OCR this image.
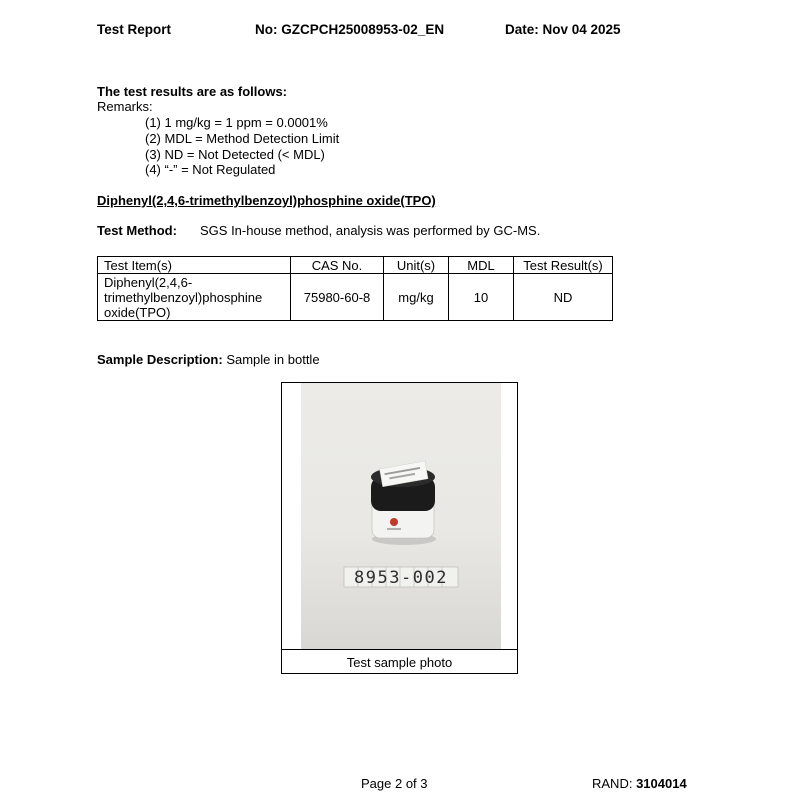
Test Report	No: GZCPCH25008953-02_EN	Date: Nov 04 2025
The test results are as follows:
Remarks:
(1) 1 mg/kg = 1 ppm = 0.0001%
(2) MDL = Method Detection Limit
(3) ND = Not Detected (< MDL)
(4) “-” = Not Regulated
Diphenyl(2,4,6-trimethylbenzoyl)phosphine oxide(TPO)
Test Method: SGS In-house method, analysis was performed by GC-MS.
Test Item(s)	CAS No.	Unit(s)	MDL	Test Result(s)

Diphenyl(2,4,6-
trimethylbenzoyl)phosphine
oxide(TPO)	75980-60-8	mg/kg	10	ND
Sample Description: Sample in bottle
8953-002
Test sample photo
Page 2 of 3	RAND: 3104014
